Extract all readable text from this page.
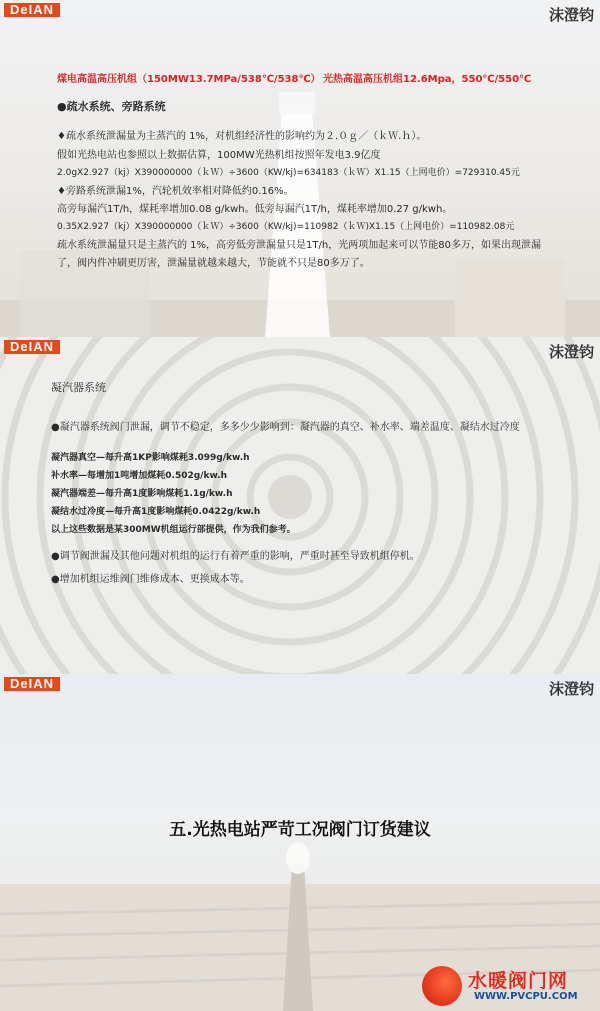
DeIAN	沫澄钧
煤电高温高压机组（150MW13.7MPa/538℃/538℃） 光热高温高压机组12.6Mpa，550℃/550℃
●疏水系统、旁路系统
♦疏水系统泄漏量为主蒸汽的 1%，对机组经济性的影响约为２.０ｇ／（ｋＷ.ｈ）。
假如光热电站也参照以上数据估算，100MW光热机组按照年发电3.9亿度
2.0gX2.927（kj）X390000000（ｋＷ）÷3600（KW/kj)=634183（ｋＷ）X1.15（上网电价）=729310.45元
♦旁路系统泄漏1%，汽轮机效率相对降低约0.16%。
高旁每漏汽1T/h，煤耗率增加0.08 g/kwh。低旁每漏汽1T/h，煤耗率增加0.27 g/kwh。
0.35X2.927（kj）X390000000（ｋＷ）÷3600（KW/kj)=110982（ｋＷ)X1.15（上网电价）=110982.08元
疏水系统泄漏量只是主蒸汽的 1%，高旁低旁泄漏量只是1T/h，光两项加起来可以节能80多万，如果出现泄漏
了，阀内件冲刷更厉害，泄漏量就越来越大，节能就不只是80多万了。
DeIAN	沫澄钧
凝汽器系统
●凝汽器系统阀门泄漏，调节不稳定，多多少少影响到：凝汽器的真空、补水率、端差温度、凝结水过冷度
凝汽器真空—每升高1KP影响煤耗3.099g/kw.h
补水率—每增加1吨增加煤耗0.502g/kw.h
凝汽器端差—每升高1度影响煤耗1.1g/kw.h
凝结水过冷度—每升高1度影响煤耗0.0422g/kw.h
以上这些数据是某300MW机组运行部提供，作为我们参考。
●调节阀泄漏及其他问题对机组的运行有着严重的影响，严重时甚至导致机组停机。
●增加机组运维阀门维修成本、更换成本等。
DeIAN	沫澄钧
五.光热电站严苛工况阀门订货建议
水暖阀门网
WWW.PVCPU.COM
